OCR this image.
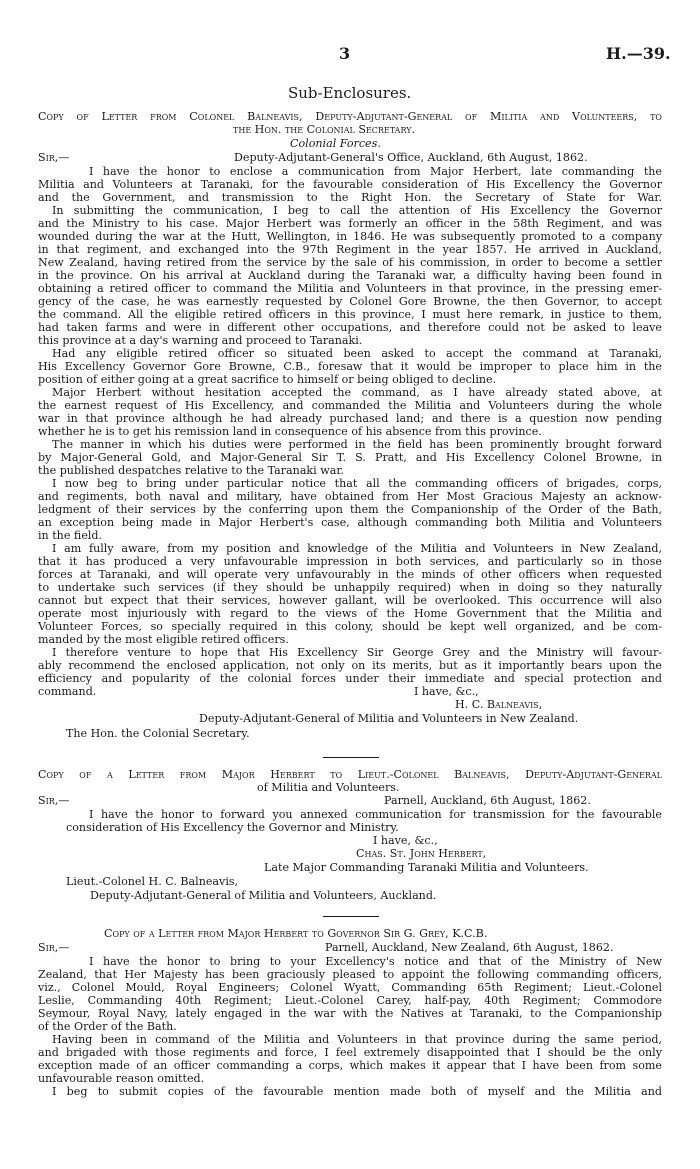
3	H.—39.
Sub-Enclosures.
Copy of Letter from Colonel Balneavis, Deputy-Adjutant-General of Militia and Volunteers, to
the Hon. the Colonial Secretary.
Colonial Forces.
Sir,—	Deputy-Adjutant-General's Office, Auckland, 6th August, 1862.
I have the honor to enclose a communication from Major Herbert, late commanding the
Militia and Volunteers at Taranaki, for the favourable consideration of His Excellency the Governor
and the Government, and transmission to the Right Hon. the Secretary of State for War.
In submitting the communication, I beg to call the attention of His Excellency the Governor
and the Ministry to his case. Major Herbert was formerly an officer in the 58th Regiment, and was
wounded during the war at the Hutt, Wellington, in 1846. He was subsequently promoted to a company
in that regiment, and exchanged into the 97th Regiment in the year 1857. He arrived in Auckland,
New Zealand, having retired from the service by the sale of his commission, in order to become a settler
in the province. On his arrival at Auckland during the Taranaki war, a difficulty having been found in
obtaining a retired officer to command the Militia and Volunteers in that province, in the pressing emer-
gency of the case, he was earnestly requested by Colonel Gore Browne, the then Governor, to accept
the command. All the eligible retired officers in this province, I must here remark, in justice to them,
had taken farms and were in different other occupations, and therefore could not be asked to leave
this province at a day's warning and proceed to Taranaki.
Had any eligible retired officer so situated been asked to accept the command at Taranaki,
His Excellency Governor Gore Browne, C.B., foresaw that it would be improper to place him in the
position of either going at a great sacrifice to himself or being obliged to decline.
Major Herbert without hesitation accepted the command, as I have already stated above, at
the earnest request of His Excellency, and commanded the Militia and Volunteers during the whole
war in that province although he had already purchased land; and there is a question now pending
whether he is to get his remission land in consequence of his absence from this province.
The manner in which his duties were performed in the field has been prominently brought forward
by Major-General Gold, and Major-General Sir T. S. Pratt, and His Excellency Colonel Browne, in
the published despatches relative to the Taranaki war.
I now beg to bring under particular notice that all the commanding officers of brigades, corps,
and regiments, both naval and military, have obtained from Her Most Gracious Majesty an acknow-
ledgment of their services by the conferring upon them the Companionship of the Order of the Bath,
an exception being made in Major Herbert's case, although commanding both Militia and Volunteers
in the field.
I am fully aware, from my position and knowledge of the Militia and Volunteers in New Zealand,
that it has produced a very unfavourable impression in both services, and particularly so in those
forces at Taranaki, and will operate very unfavourably in the minds of other officers when requested
to undertake such services (if they should be unhappily required) when in doing so they naturally
cannot but expect that their services, however gallant, will be overlooked. This occurrence will also
operate most injuriously with regard to the views of the Home Government that the Militia and
Volunteer Forces, so specially required in this colony, should be kept well organized, and be com-
manded by the most eligible retired officers.
I therefore venture to hope that His Excellency Sir George Grey and the Ministry will favour-
ably recommend the enclosed application, not only on its merits, but as it importantly bears upon the
efficiency and popularity of the colonial forces under their immediate and special protection and
command.	I have, &c.,
H. C. Balneavis,
Deputy-Adjutant-General of Militia and Volunteers in New Zealand.
The Hon. the Colonial Secretary.
Copy of a Letter from Major Herbert to Lieut.-Colonel Balneavis, Deputy-Adjutant-General
of Militia and Volunteers.
Sir,—	Parnell, Auckland, 6th August, 1862.
I have the honor to forward you annexed communication for transmission for the favourable
consideration of His Excellency the Governor and Ministry.
I have, &c.,
Chas. St. John Herbert,
Late Major Commanding Taranaki Militia and Volunteers.
Lieut.-Colonel H. C. Balneavis,
Deputy-Adjutant-General of Militia and Volunteers, Auckland.
Copy of a Letter from Major Herbert to Governor Sir G. Grey, K.C.B.
Sir,—	Parnell, Auckland, New Zealand, 6th August, 1862.
I have the honor to bring to your Excellency's notice and that of the Ministry of New
Zealand, that Her Majesty has been graciously pleased to appoint the following commanding officers,
viz., Colonel Mould, Royal Engineers; Colonel Wyatt, Commanding 65th Regiment; Lieut.-Colonel
Leslie, Commanding 40th Regiment; Lieut.-Colonel Carey, half-pay, 40th Regiment; Commodore
Seymour, Royal Navy, lately engaged in the war with the Natives at Taranaki, to the Companionship
of the Order of the Bath.
Having been in command of the Militia and Volunteers in that province during the same period,
and brigaded with those regiments and force, I feel extremely disappointed that I should be the only
exception made of an officer commanding a corps, which makes it appear that I have been from some
unfavourable reason omitted.
I beg to submit copies of the favourable mention made both of myself and the Militia and
